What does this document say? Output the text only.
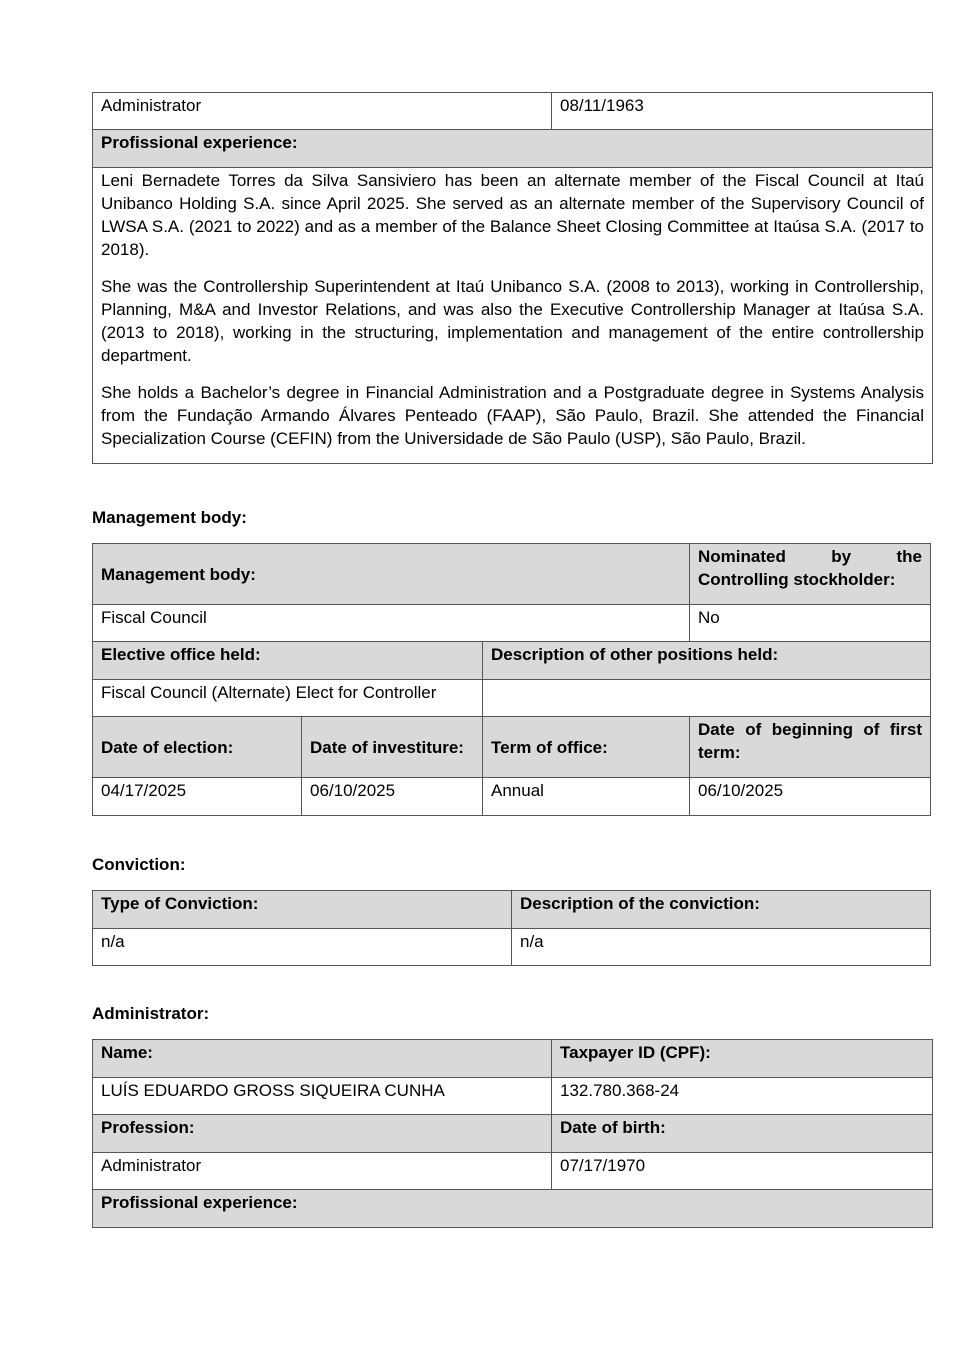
Administrator	08/11/1963
Profissional experience:

Leni Bernadete Torres da Silva Sansiviero has been an alternate member of the Fiscal Council at Itaú Unibanco Holding S.A. since April 2025. She served as an alternate member of the Supervisory Council of LWSA S.A. (2021 to 2022) and as a member of the Balance Sheet Closing Committee at Itaúsa S.A. (2017 to 2018).

She was the Controllership Superintendent at Itaú Unibanco S.A. (2008 to 2013), working in Controllership, Planning, M&A and Investor Relations, and was also the Executive Controllership Manager at Itaúsa S.A. (2013 to 2018), working in the structuring, implementation and management of the entire controllership department.

She holds a Bachelor’s degree in Financial Administration and a Postgraduate degree in Systems Analysis from the Fundação Armando Álvares Penteado (FAAP), São Paulo, Brazil. She attended the Financial Specialization Course (CEFIN) from the Universidade de São Paulo (USP), São Paulo, Brazil.

Management body:

Management body:			Nominated by the Controlling stockholder:
Fiscal Council			No
Elective office held:		Description of other positions held:	
Fiscal Council (Alternate) Elect for Controller			
Date of election:	Date of investiture:	Term of office:	Date of beginning of first term:
04/17/2025	06/10/2025	Annual	06/10/2025

Conviction:

Type of Conviction:	Description of the conviction:
n/a	n/a

Administrator:

Name:	Taxpayer ID (CPF):
LUÍS EDUARDO GROSS SIQUEIRA CUNHA	132.780.368-24
Profession:	Date of birth:
Administrator	07/17/1970
Profissional experience:	
